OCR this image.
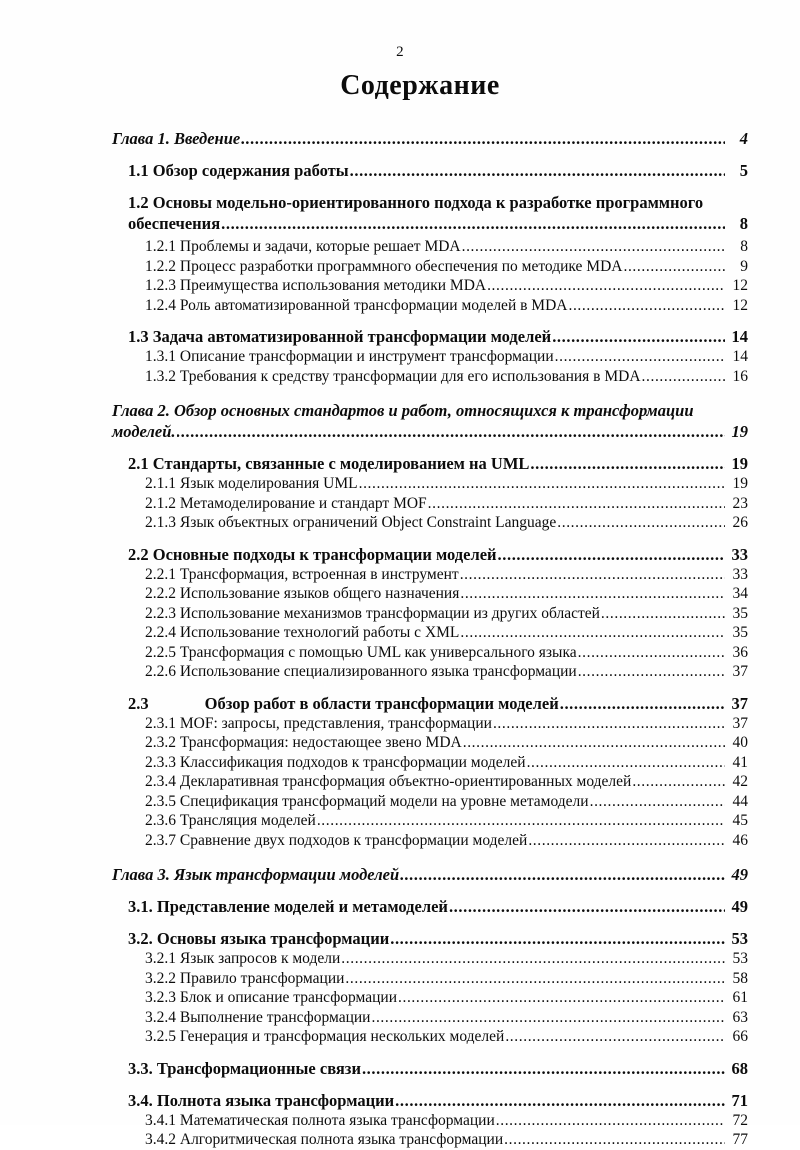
2
Содержание
Глава 1. Введение .....	4
1.1 Обзор содержания работы .....	5
1.2 Основы модельно-ориентированного подхода к разработке программного
обеспечения .....	8
1.2.1 Проблемы и задачи, которые решает MDA .....	8
1.2.2 Процесс разработки программного обеспечения по методике MDA .....	9
1.2.3 Преимущества использования методики MDA .....	12
1.2.4 Роль автоматизированной трансформации моделей в MDA .....	12
1.3 Задача автоматизированной трансформации моделей .....	14
1.3.1 Описание трансформации и инструмент трансформации .....	14
1.3.2 Требования к средству трансформации для его использования в MDA .....	16
Глава 2. Обзор основных стандартов и работ, относящихся к трансформации
моделей. .....	19
2.1 Стандарты, связанные с моделированием на UML .....	19
2.1.1 Язык моделирования UML .....	19
2.1.2 Метамоделирование и стандарт MOF .....	23
2.1.3 Язык объектных ограничений Object Constraint Language .....	26
2.2 Основные подходы к трансформации моделей .....	33
2.2.1 Трансформация, встроенная в инструмент .....	33
2.2.2 Использование языков общего назначения .....	34
2.2.3 Использование механизмов трансформации из других областей .....	35
2.2.4 Использование технологий работы с XML .....	35
2.2.5 Трансформация с помощью UML как универсального языка .....	36
2.2.6 Использование специализированного языка трансформации .....	37
2.3	Обзор работ в области трансформации моделей .....	37
2.3.1 MOF: запросы, представления, трансформации .....	37
2.3.2 Трансформация: недостающее звено MDA .....	40
2.3.3 Классификация подходов к трансформации моделей .....	41
2.3.4 Декларативная трансформация объектно-ориентированных моделей .....	42
2.3.5 Спецификация трансформаций модели на уровне метамодели .....	44
2.3.6 Трансляция моделей .....	45
2.3.7 Сравнение двух подходов к трансформации моделей .....	46
Глава 3. Язык трансформации моделей .....	49
3.1. Представление моделей и метамоделей .....	49
3.2. Основы языка трансформации .....	53
3.2.1 Язык запросов к модели .....	53
3.2.2 Правило трансформации .....	58
3.2.3 Блок и описание трансформации .....	61
3.2.4 Выполнение трансформации .....	63
3.2.5 Генерация и трансформация нескольких моделей .....	66
3.3. Трансформационные связи .....	68
3.4. Полнота языка трансформации .....	71
3.4.1 Математическая полнота языка трансформации .....	72
3.4.2 Алгоритмическая полнота языка трансформации .....	77
